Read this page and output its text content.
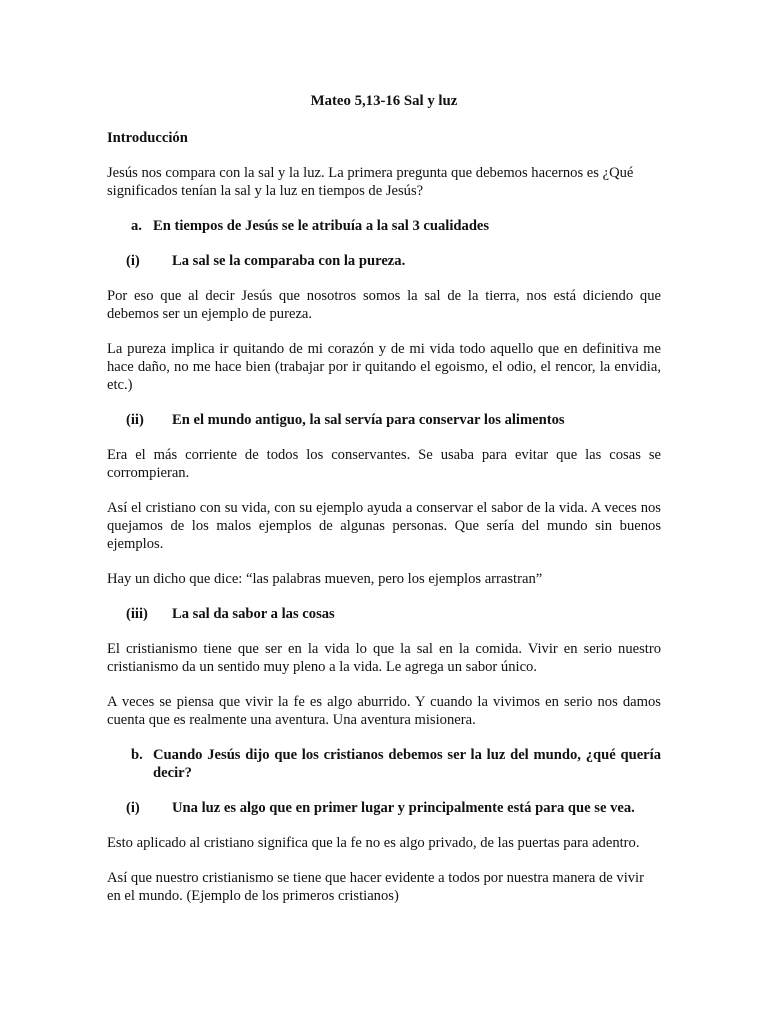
Mateo 5,13-16 Sal y luz
Introducción

Jesús nos compara con la sal y la luz. La primera pregunta que debemos hacernos es ¿Qué significados tenían la sal y la luz en tiempos de Jesús?

a. En tiempos de Jesús se le atribuía a la sal 3 cualidades
(i)	La sal se la comparaba con la pureza.

Por eso que al decir Jesús que nosotros somos la sal de la tierra, nos está diciendo que debemos ser un ejemplo de pureza.

La pureza implica ir quitando de mi corazón y de mi vida todo aquello que en definitiva me hace daño, no me hace bien (trabajar por ir quitando el egoismo, el odio, el rencor, la envidia, etc.)

(ii)	En el mundo antiguo, la sal servía para conservar los alimentos

Era el más corriente de todos los conservantes. Se usaba para evitar que las cosas se corrompieran.

Así el cristiano con su vida, con su ejemplo ayuda a conservar el sabor de la vida. A veces nos quejamos de los malos ejemplos de algunas personas. Que sería del mundo sin buenos ejemplos.

Hay un dicho que dice: “las palabras mueven, pero los ejemplos arrastran”

(iii)	La sal da sabor a las cosas

El cristianismo tiene que ser en la vida lo que la sal en la comida. Vivir en serio nuestro cristianismo da un sentido muy pleno a la vida. Le agrega un sabor único.

A veces se piensa que vivir la fe es algo aburrido. Y cuando la vivimos en serio nos damos cuenta que es realmente una aventura. Una aventura misionera.

b. Cuando Jesús dijo que los cristianos debemos ser la luz del mundo, ¿qué quería decir?
(i)	Una luz es algo que en primer lugar y principalmente está para que se vea.

Esto aplicado al cristiano significa que la fe no es algo privado, de las puertas para adentro.

Así que nuestro cristianismo se tiene que hacer evidente a todos por nuestra manera de vivir en el mundo. (Ejemplo de los primeros cristianos)
